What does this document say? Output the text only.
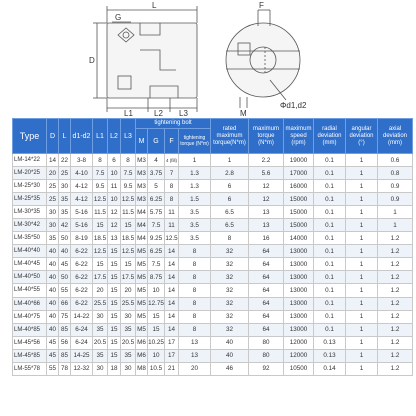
G
L
D
L1	L2 L3
F
M
Φd1,d2
Type	D	L	d1-d2	L1	L2	L3	tightening bolt				rated maximum torque(N*m)	maximum torque (N*m)	maximum speed (rpm)	radial deviation (mm)	angular deviation (°)	axial deviation (mm)
							M	G	F	tightening torque (N*m)						
LM-14*22	14	22	3-8	8	6	8	M3	4	4 (fill)	1	1	2.2	19000	0.1	1	0.6
LM-20*25	20	25	4-10	7.5	10	7.5	M3	3.75	7	1.3	2.8	5.6	17000	0.1	1	0.8
LM-25*30	25	30	4-12	9.5	11	9.5	M3	5	8	1.3	6	12	16000	0.1	1	0.9
LM-25*35	25	35	4-12	12.5	10	12.5	M3	6.25	8	1.5	6	12	15000	0.1	1	0.9
LM-30*35	30	35	5-16	11.5	12	11.5	M4	5.75	11	3.5	6.5	13	15000	0.1	1	1
LM-30*42	30	42	5-16	15	12	15	M4	7.5	11	3.5	6.5	13	15000	0.1	1	1
LM-35*50	35	50	8-19	18.5	13	18.5	M4	9.25	12.5	3.5	8	16	14000	0.1	1	1.2
LM-40*40	40	40	6-22	12.5	15	12.5	M5	6.25	14	8	32	64	13000	0.1	1	1.2
LM-40*45	40	45	6-22	15	15	15	M5	7.5	14	8	32	64	13000	0.1	1	1.2
LM-40*50	40	50	6-22	17.5	15	17.5	M5	8.75	14	8	32	64	13000	0.1	1	1.2
LM-40*55	40	55	6-22	20	15	20	M5	10	14	8	32	64	13000	0.1	1	1.2
LM-40*66	40	66	6-22	25.5	15	25.5	M5	12.75	14	8	32	64	13000	0.1	1	1.2
LM-40*75	40	75	14-22	30	15	30	M5	15	14	8	32	64	13000	0.1	1	1.2
LM-40*85	40	85	6-24	35	15	35	M5	15	14	8	32	64	13000	0.1	1	1.2
LM-45*56	45	56	6-24	20.5	15	20.5	M6	10.25	17	13	40	80	12000	0.13	1	1.2
LM-45*85	45	85	14-25	35	15	35	M6	10	17	13	40	80	12000	0.13	1	1.2
LM-55*78	55	78	12-32	30	18	30	M8	10.5	21	20	46	92	10500	0.14	1	1.2
